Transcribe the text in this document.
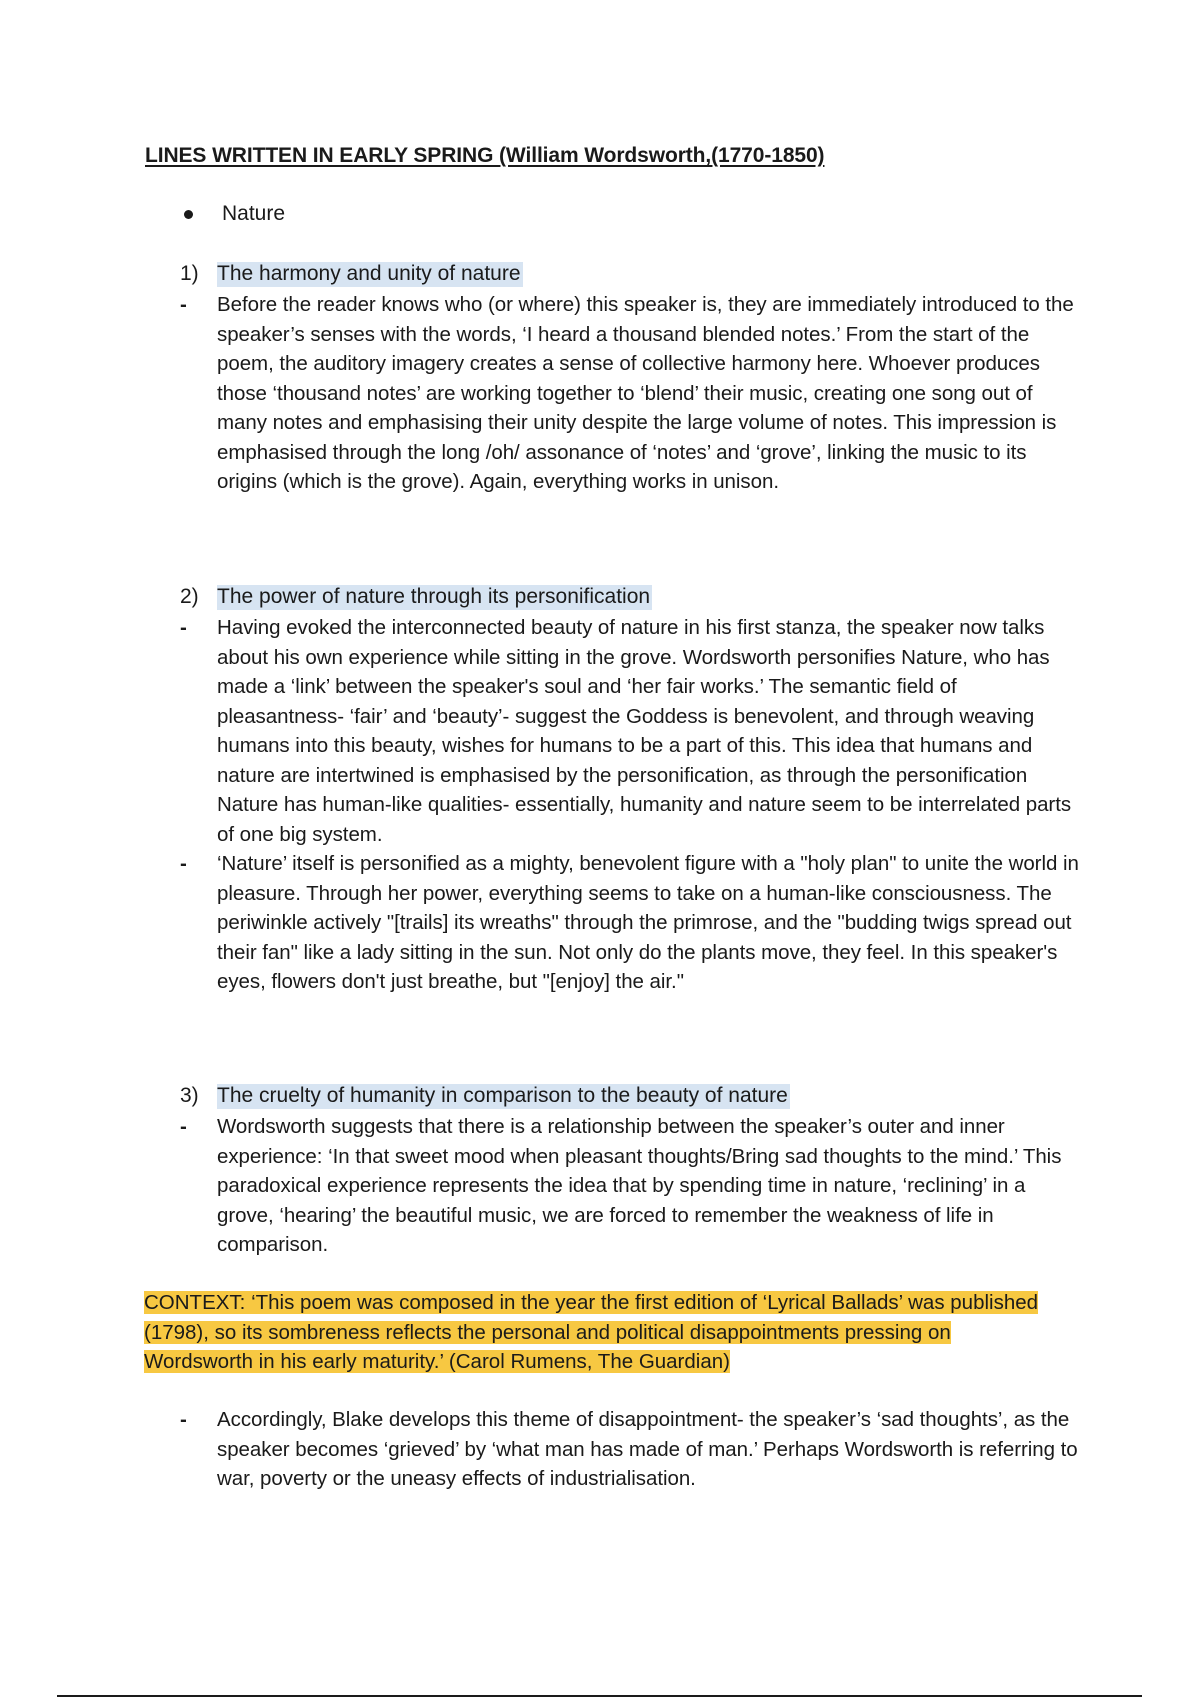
LINES WRITTEN IN EARLY SPRING (William Wordsworth,(1770-1850)
Nature
1) The harmony and unity of nature
-	Before the reader knows who (or where) this speaker is, they are immediately introduced to the speaker’s senses with the words, ‘I heard a thousand blended notes.’ From the start of the poem, the auditory imagery creates a sense of collective harmony here. Whoever produces those ‘thousand notes’ are working together to ‘blend’ their music, creating one song out of many notes and emphasising their unity despite the large volume of notes. This impression is emphasised through the long /oh/ assonance of ‘notes’ and ‘grove’, linking the music to its origins (which is the grove). Again, everything works in unison.
2) The power of nature through its personification
-	Having evoked the interconnected beauty of nature in his first stanza, the speaker now talks about his own experience while sitting in the grove. Wordsworth personifies Nature, who has made a ‘link’ between the speaker's soul and ‘her fair works.’ The semantic field of pleasantness- ‘fair’ and ‘beauty’- suggest the Goddess is benevolent, and through weaving humans into this beauty, wishes for humans to be a part of this. This idea that humans and nature are intertwined is emphasised by the personification, as through the personification Nature has human-like qualities- essentially, humanity and nature seem to be interrelated parts of one big system.
-	‘Nature’ itself is personified as a mighty, benevolent figure with a "holy plan" to unite the world in pleasure. Through her power, everything seems to take on a human-like consciousness. The periwinkle actively "[trails] its wreaths" through the primrose, and the "budding twigs spread out their fan" like a lady sitting in the sun. Not only do the plants move, they feel. In this speaker's eyes, flowers don't just breathe, but "[enjoy] the air."
3) The cruelty of humanity in comparison to the beauty of nature
-	Wordsworth suggests that there is a relationship between the speaker’s outer and inner experience: ‘In that sweet mood when pleasant thoughts/Bring sad thoughts to the mind.’ This paradoxical experience represents the idea that by spending time in nature, ‘reclining’ in a grove, ‘hearing’ the beautiful music, we are forced to remember the weakness of life in comparison.
CONTEXT: ‘This poem was composed in the year the first edition of ‘Lyrical Ballads’ was published (1798), so its sombreness reflects the personal and political disappointments pressing on Wordsworth in his early maturity.’ (Carol Rumens, The Guardian)
-	Accordingly, Blake develops this theme of disappointment- the speaker’s ‘sad thoughts’, as the speaker becomes ‘grieved’ by ‘what man has made of man.’ Perhaps Wordsworth is referring to war, poverty or the uneasy effects of industrialisation.
